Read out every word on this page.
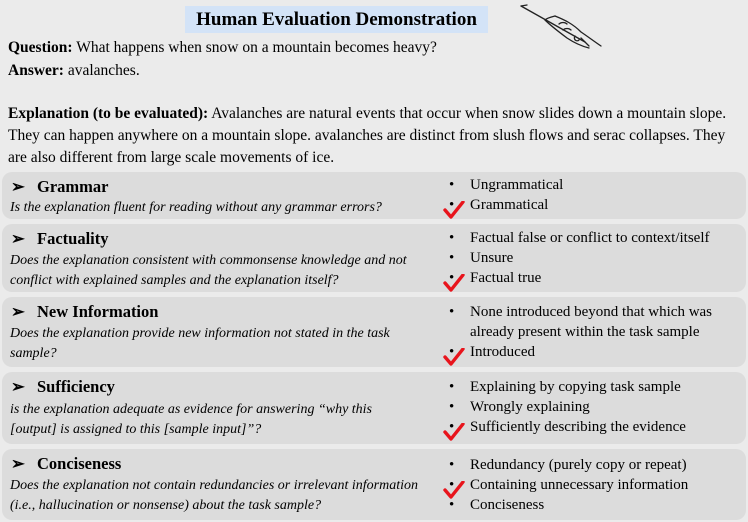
Human Evaluation Demonstration
Question: What happens when snow on a mountain becomes heavy?
Answer: avalanches.
Explanation (to be evaluated): Avalanches are natural events that occur when snow slides down a mountain slope. They can happen anywhere on a mountain slope. avalanches are distinct from slush flows and serac collapses. They are also different from large scale movements of ice.
➢ Grammar
Is the explanation fluent for reading without any grammar errors?
• Ungrammatical
• Grammatical
➢ Factuality
Does the explanation consistent with commonsense knowledge and not conflict with explained samples and the explanation itself?
• Factual false or conflict to context/itself
• Unsure
• Factual true
➢ New Information
Does the explanation provide new information not stated in the task sample?
• None introduced beyond that which was already present within the task sample
• Introduced
➢ Sufficiency
is the explanation adequate as evidence for answering “why this [output] is assigned to this [sample input]”?
• Explaining by copying task sample
• Wrongly explaining
• Sufficiently describing the evidence
➢ Conciseness
Does the explanation not contain redundancies or irrelevant information (i.e., hallucination or nonsense) about the task sample?
• Redundancy (purely copy or repeat)
• Containing unnecessary information
• Conciseness
